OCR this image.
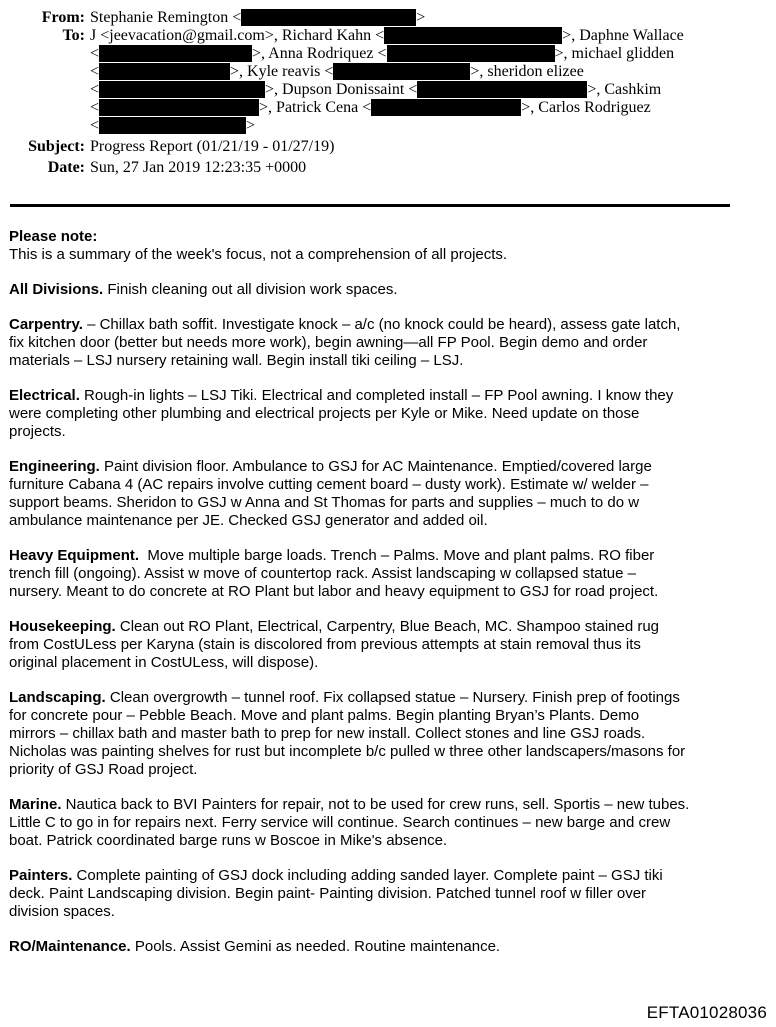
From: Stephanie Remington <	>
To: J <jeevacation@gmail.com>, Richard Kahn <	>, Daphne Wallace
<	>, Anna Rodriquez <	>, michael glidden
<	>, Kyle reavis <	>, sheridon elizee
<	>, Dupson Donissaint <	>, Cashkim
<	>, Patrick Cena <	>, Carlos Rodriguez
<	>
Subject: Progress Report (01/21/19 - 01/27/19)
Date: Sun, 27 Jan 2019 12:23:35 +0000

Please note:
This is a summary of the week's focus, not a comprehension of all projects.

All Divisions. Finish cleaning out all division work spaces.

Carpentry. – Chillax bath soffit. Investigate knock – a/c (no knock could be heard), assess gate latch,
fix kitchen door (better but needs more work), begin awning—all FP Pool. Begin demo and order
materials – LSJ nursery retaining wall. Begin install tiki ceiling – LSJ.

Electrical. Rough-in lights – LSJ Tiki. Electrical and completed install – FP Pool awning. I know they
were completing other plumbing and electrical projects per Kyle or Mike. Need update on those
projects.

Engineering. Paint division floor. Ambulance to GSJ for AC Maintenance. Emptied/covered large
furniture Cabana 4 (AC repairs involve cutting cement board – dusty work). Estimate w/ welder –
support beams. Sheridon to GSJ w Anna and St Thomas for parts and supplies – much to do w
ambulance maintenance per JE. Checked GSJ generator and added oil.

Heavy Equipment.  Move multiple barge loads. Trench – Palms. Move and plant palms. RO fiber
trench fill (ongoing). Assist w move of countertop rack. Assist landscaping w collapsed statue –
nursery. Meant to do concrete at RO Plant but labor and heavy equipment to GSJ for road project.

Housekeeping. Clean out RO Plant, Electrical, Carpentry, Blue Beach, MC. Shampoo stained rug
from CostULess per Karyna (stain is discolored from previous attempts at stain removal thus its
original placement in CostULess, will dispose).

Landscaping. Clean overgrowth – tunnel roof. Fix collapsed statue – Nursery. Finish prep of footings
for concrete pour – Pebble Beach. Move and plant palms. Begin planting Bryan’s Plants. Demo
mirrors – chillax bath and master bath to prep for new install. Collect stones and line GSJ roads.
Nicholas was painting shelves for rust but incomplete b/c pulled w three other landscapers/masons for
priority of GSJ Road project.

Marine. Nautica back to BVI Painters for repair, not to be used for crew runs, sell. Sportis – new tubes.
Little C to go in for repairs next. Ferry service will continue. Search continues – new barge and crew
boat. Patrick coordinated barge runs w Boscoe in Mike's absence.

Painters. Complete painting of GSJ dock including adding sanded layer. Complete paint – GSJ tiki
deck. Paint Landscaping division. Begin paint- Painting division. Patched tunnel roof w filler over
division spaces.

RO/Maintenance. Pools. Assist Gemini as needed. Routine maintenance.

EFTA01028036
